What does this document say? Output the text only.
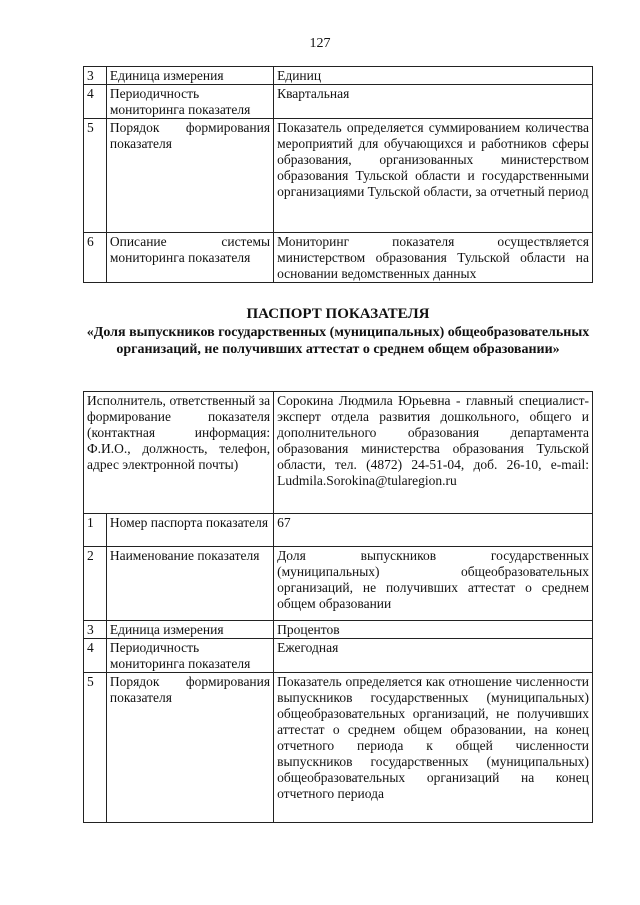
127
3	Единица измерения	Единиц
4	Периодичность мониторинга показателя	Квартальная
5	Порядок формирования показателя	Показатель определяется суммированием количества мероприятий для обучающихся и работников сферы образования, организованных министерством образования Тульской области и государственными организациями Тульской области, за отчетный период
6	Описание системы мониторинга показателя	Мониторинг показателя осуществляется министерством образования Тульской области на основании ведомственных данных
ПАСПОРТ ПОКАЗАТЕЛЯ
«Доля выпускников государственных (муниципальных) общеобразовательных организаций, не получивших аттестат о среднем общем образовании»
Исполнитель, ответственный за формирование показателя (контактная информация: Ф.И.О., должность, телефон, адрес электронной почты)		Сорокина Людмила Юрьевна - главный специалист-эксперт отдела развития дошкольного, общего и дополнительного образования департамента образования министерства образования Тульской области, тел. (4872) 24-51-04, доб. 26-10, e-mail: Ludmila.Sorokina@tularegion.ru
1	Номер паспорта показателя	67
2	Наименование показателя	Доля выпускников государственных (муниципальных) общеобразовательных организаций, не получивших аттестат о среднем общем образовании
3	Единица измерения	Процентов
4	Периодичность мониторинга показателя	Ежегодная
5	Порядок формирования показателя	Показатель определяется как отношение численности выпускников государственных (муниципальных) общеобразовательных организаций, не получивших аттестат о среднем общем образовании, на конец отчетного периода к общей численности выпускников государственных (муниципальных) общеобразовательных организаций на конец отчетного периода
